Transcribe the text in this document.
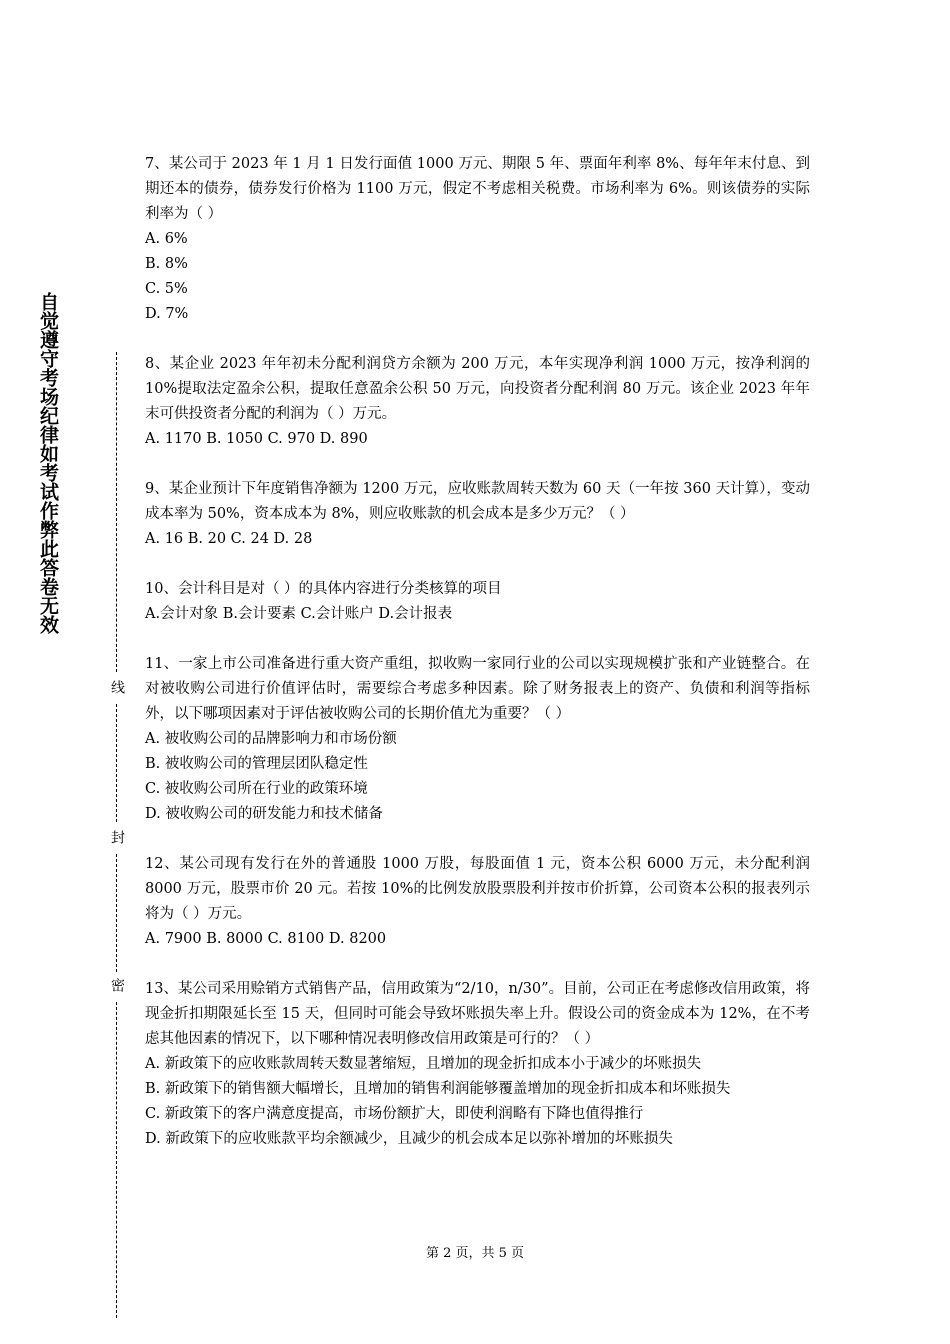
自觉遵守考场纪律如考试作弊此答卷无效
线
封
密

7、某公司于 2023 年 1 月 1 日发行面值 1000 万元、期限 5 年、票面年利率 8%、每年年末付息、到期还本的债券，债券发行价格为 1100 万元，假定不考虑相关税费。市场利率为 6%。则该债券的实际利率为（ ）

A. 6%

B. 8%

C. 5%

D. 7%

8、某企业 2023 年年初未分配利润贷方余额为 200 万元，本年实现净利润 1000 万元，按净利润的 10%提取法定盈余公积，提取任意盈余公积 50 万元，向投资者分配利润 80 万元。该企业 2023 年年末可供投资者分配的利润为（ ）万元。

A. 1170 B. 1050 C. 970 D. 890

9、某企业预计下年度销售净额为 1200 万元，应收账款周转天数为 60 天（一年按 360 天计算），变动成本率为 50%，资本成本为 8%，则应收账款的机会成本是多少万元？（ ）

A. 16 B. 20 C. 24 D. 28

10、会计科目是对（ ）的具体内容进行分类核算的项目

A.会计对象 B.会计要素 C.会计账户 D.会计报表

11、一家上市公司准备进行重大资产重组，拟收购一家同行业的公司以实现规模扩张和产业链整合。在对被收购公司进行价值评估时，需要综合考虑多种因素。除了财务报表上的资产、负债和利润等指标外，以下哪项因素对于评估被收购公司的长期价值尤为重要？（ ）

A. 被收购公司的品牌影响力和市场份额

B. 被收购公司的管理层团队稳定性

C. 被收购公司所在行业的政策环境

D. 被收购公司的研发能力和技术储备

12、某公司现有发行在外的普通股 1000 万股，每股面值 1 元，资本公积 6000 万元，未分配利润 8000 万元，股票市价 20 元。若按 10%的比例发放股票股利并按市价折算，公司资本公积的报表列示将为（ ）万元。

A. 7900 B. 8000 C. 8100 D. 8200

13、某公司采用赊销方式销售产品，信用政策为“2/10，n/30”。目前，公司正在考虑修改信用政策，将现金折扣期限延长至 15 天，但同时可能会导致坏账损失率上升。假设公司的资金成本为 12%，在不考虑其他因素的情况下，以下哪种情况表明修改信用政策是可行的？（ ）

A. 新政策下的应收账款周转天数显著缩短，且增加的现金折扣成本小于减少的坏账损失

B. 新政策下的销售额大幅增长，且增加的销售利润能够覆盖增加的现金折扣成本和坏账损失

C. 新政策下的客户满意度提高，市场份额扩大，即使利润略有下降也值得推行

D. 新政策下的应收账款平均余额减少，且减少的机会成本足以弥补增加的坏账损失

第 2 页，共 5 页
